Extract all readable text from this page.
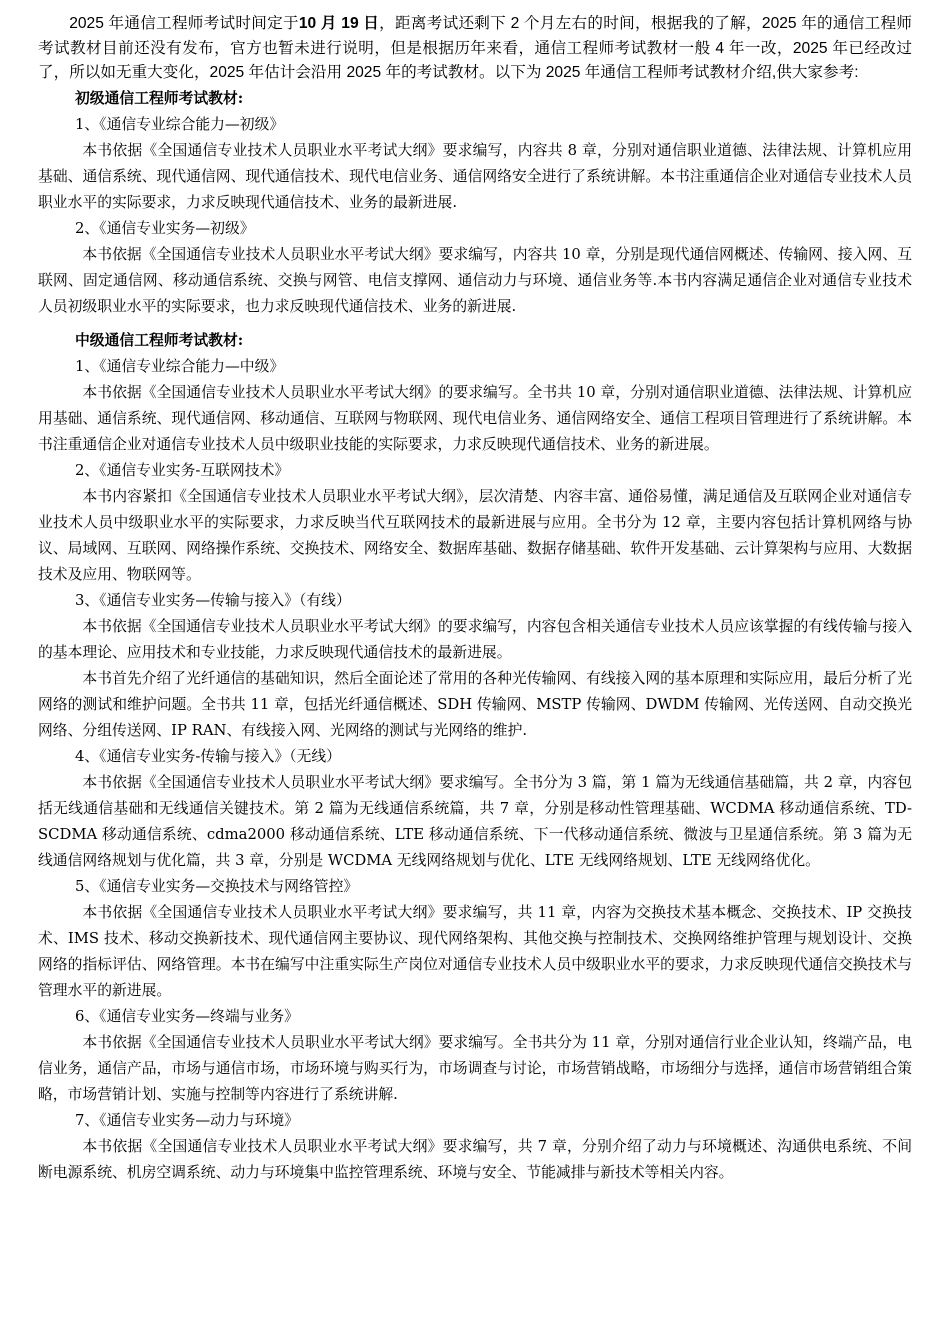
2025 年通信工程师考试时间定于10 月 19 日，距离考试还剩下 2 个月左右的时间，根据我的了解，2025 年的通信工程师考试教材目前还没有发布，官方也暂未进行说明，但是根据历年来看，通信工程师考试教材一般 4 年一改，2025 年已经改过了，所以如无重大变化，2025 年估计会沿用 2025 年的考试教材。以下为 2025 年通信工程师考试教材介绍,供大家参考:

初级通信工程师考试教材:

1、《通信专业综合能力—初级》

本书依据《全国通信专业技术人员职业水平考试大纲》要求编写，内容共 8 章，分别对通信职业道德、法律法规、计算机应用基础、通信系统、现代通信网、现代通信技术、现代电信业务、通信网络安全进行了系统讲解。本书注重通信企业对通信专业技术人员职业水平的实际要求，力求反映现代通信技术、业务的最新进展.

2、《通信专业实务—初级》

本书依据《全国通信专业技术人员职业水平考试大纲》要求编写，内容共 10 章，分别是现代通信网概述、传输网、接入网、互联网、固定通信网、移动通信系统、交换与网管、电信支撑网、通信动力与环境、通信业务等.本书内容满足通信企业对通信专业技术人员初级职业水平的实际要求，也力求反映现代通信技术、业务的新进展.

中级通信工程师考试教材:

1、《通信专业综合能力—中级》

本书依据《全国通信专业技术人员职业水平考试大纲》的要求编写。全书共 10 章，分别对通信职业道德、法律法规、计算机应用基础、通信系统、现代通信网、移动通信、互联网与物联网、现代电信业务、通信网络安全、通信工程项目管理进行了系统讲解。本书注重通信企业对通信专业技术人员中级职业技能的实际要求，力求反映现代通信技术、业务的新进展。

2、《通信专业实务-互联网技术》

本书内容紧扣《全国通信专业技术人员职业水平考试大纲》，层次清楚、内容丰富、通俗易懂，满足通信及互联网企业对通信专业技术人员中级职业水平的实际要求，力求反映当代互联网技术的最新进展与应用。全书分为 12 章，主要内容包括计算机网络与协议、局域网、互联网、网络操作系统、交换技术、网络安全、数据库基础、数据存储基础、软件开发基础、云计算架构与应用、大数据技术及应用、物联网等。

3、《通信专业实务—传输与接入》（有线）

本书依据《全国通信专业技术人员职业水平考试大纲》的要求编写，内容包含相关通信专业技术人员应该掌握的有线传输与接入的基本理论、应用技术和专业技能，力求反映现代通信技术的最新进展。

本书首先介绍了光纤通信的基础知识，然后全面论述了常用的各种光传输网、有线接入网的基本原理和实际应用，最后分析了光网络的测试和维护问题。全书共 11 章，包括光纤通信概述、SDH 传输网、MSTP 传输网、DWDM 传输网、光传送网、自动交换光网络、分组传送网、IP RAN、有线接入网、光网络的测试与光网络的维护.

4、《通信专业实务-传输与接入》（无线）

本书依据《全国通信专业技术人员职业水平考试大纲》要求编写。全书分为 3 篇，第 1 篇为无线通信基础篇，共 2 章，内容包括无线通信基础和无线通信关键技术。第 2 篇为无线通信系统篇，共 7 章，分别是移动性管理基础、WCDMA 移动通信系统、TD-SCDMA 移动通信系统、cdma2000 移动通信系统、LTE 移动通信系统、下一代移动通信系统、微波与卫星通信系统。第 3 篇为无线通信网络规划与优化篇，共 3 章，分别是 WCDMA 无线网络规划与优化、LTE 无线网络规划、LTE 无线网络优化。

5、《通信专业实务—交换技术与网络管控》

本书依据《全国通信专业技术人员职业水平考试大纲》要求编写，共 11 章，内容为交换技术基本概念、交换技术、IP 交换技术、IMS 技术、移动交换新技术、现代通信网主要协议、现代网络架构、其他交换与控制技术、交换网络维护管理与规划设计、交换网络的指标评估、网络管理。本书在编写中注重实际生产岗位对通信专业技术人员中级职业水平的要求，力求反映现代通信交换技术与管理水平的新进展。

6、《通信专业实务—终端与业务》

本书依据《全国通信专业技术人员职业水平考试大纲》要求编写。全书共分为 11 章，分别对通信行业企业认知，终端产品，电信业务，通信产品，市场与通信市场，市场环境与购买行为，市场调查与讨论，市场营销战略，市场细分与选择，通信市场营销组合策略，市场营销计划、实施与控制等内容进行了系统讲解.

7、《通信专业实务—动力与环境》

本书依据《全国通信专业技术人员职业水平考试大纲》要求编写，共 7 章，分别介绍了动力与环境概述、沟通供电系统、不间断电源系统、机房空调系统、动力与环境集中监控管理系统、环境与安全、节能减排与新技术等相关内容。
